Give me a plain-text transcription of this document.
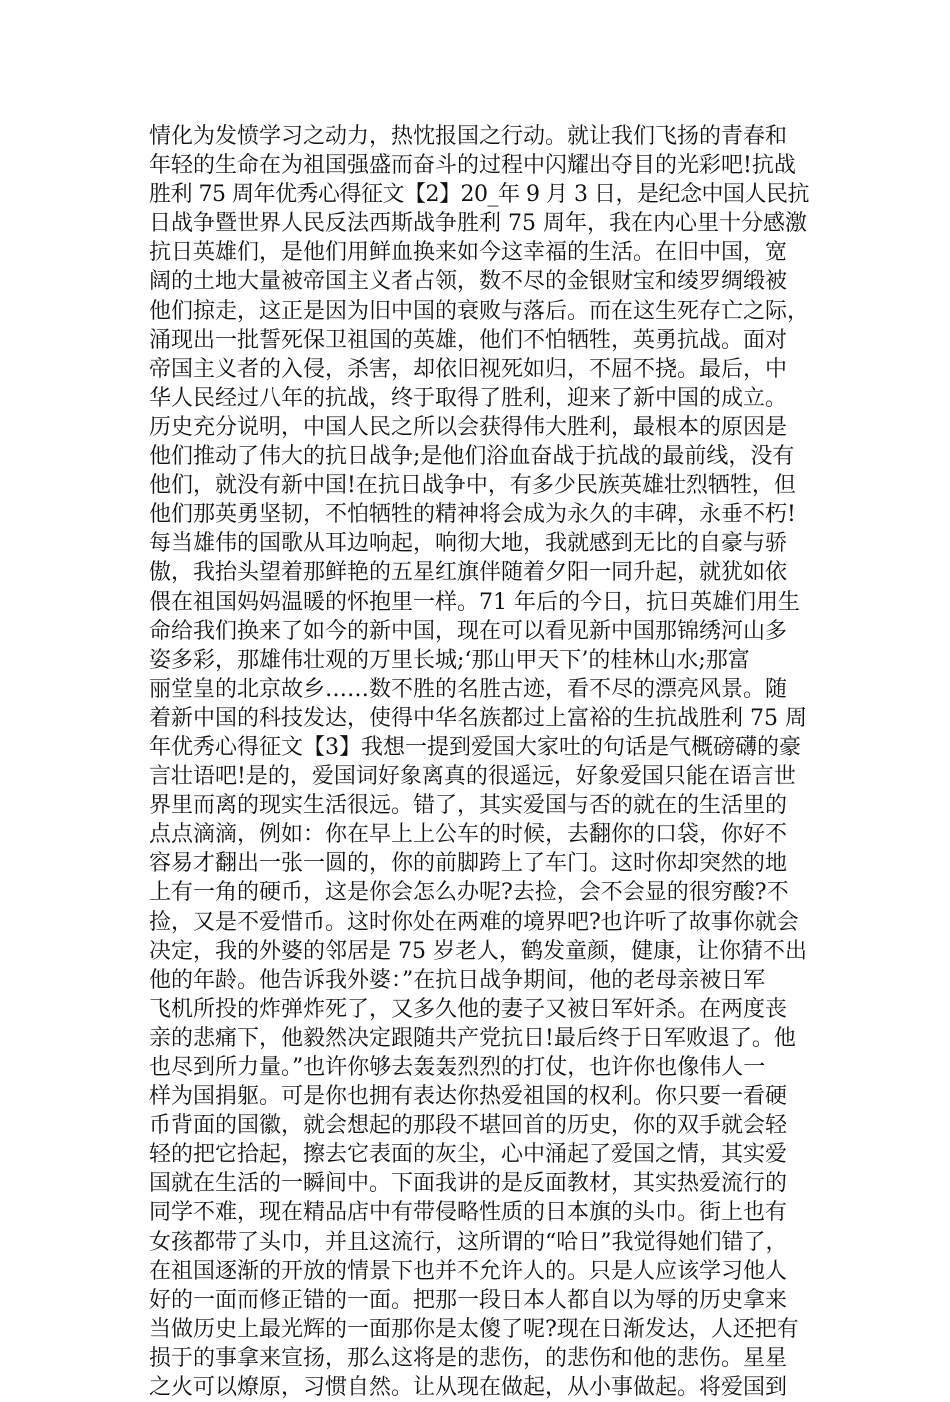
情化为发愤学习之动力，热忱报国之行动。就让我们飞扬的青春和
年轻的生命在为祖国强盛而奋斗的过程中闪耀出夺目的光彩吧!抗战
胜利 75 周年优秀心得征文【2】20_年 9 月 3 日，是纪念中国人民抗
日战争暨世界人民反法西斯战争胜利 75 周年，我在内心里十分感激
抗日英雄们，是他们用鲜血换来如今这幸福的生活。在旧中国，宽
阔的土地大量被帝国主义者占领，数不尽的金银财宝和绫罗绸缎被
他们掠走，这正是因为旧中国的衰败与落后。而在这生死存亡之际，
涌现出一批誓死保卫祖国的英雄，他们不怕牺牲，英勇抗战。面对
帝国主义者的入侵，杀害，却依旧视死如归，不屈不挠。最后，中
华人民经过八年的抗战，终于取得了胜利，迎来了新中国的成立。
历史充分说明，中国人民之所以会获得伟大胜利，最根本的原因是
他们推动了伟大的抗日战争;是他们浴血奋战于抗战的最前线，没有
他们，就没有新中国!在抗日战争中，有多少民族英雄壮烈牺牲，但
他们那英勇坚韧，不怕牺牲的精神将会成为永久的丰碑，永垂不朽!
每当雄伟的国歌从耳边响起，响彻大地，我就感到无比的自豪与骄
傲，我抬头望着那鲜艳的五星红旗伴随着夕阳一同升起，就犹如依
偎在祖国妈妈温暖的怀抱里一样。71 年后的今日，抗日英雄们用生
命给我们换来了如今的新中国，现在可以看见新中国那锦绣河山多
姿多彩，那雄伟壮观的万里长城;‘那山甲天下’的桂林山水;那富
丽堂皇的北京故乡……数不胜的名胜古迹，看不尽的漂亮风景。随
着新中国的科技发达，使得中华名族都过上富裕的生抗战胜利 75 周
年优秀心得征文【3】我想一提到爱国大家吐的句话是气概磅礴的豪
言壮语吧!是的，爱国词好象离真的很遥远，好象爱国只能在语言世
界里而离的现实生活很远。错了，其实爱国与否的就在的生活里的
点点滴滴，例如：你在早上上公车的时候，去翻你的口袋，你好不
容易才翻出一张一圆的，你的前脚跨上了车门。这时你却突然的地
上有一角的硬币，这是你会怎么办呢?去捡，会不会显的很穷酸?不
捡，又是不爱惜币。这时你处在两难的境界吧?也许听了故事你就会
决定，我的外婆的邻居是 75 岁老人，鹤发童颜，健康，让你猜不出
他的年龄。他告诉我外婆：”在抗日战争期间，他的老母亲被日军
飞机所投的炸弹炸死了，又多久他的妻子又被日军奸杀。在两度丧
亲的悲痛下，他毅然决定跟随共产党抗日!最后终于日军败退了。他
也尽到所力量。”也许你够去轰轰烈烈的打仗，也许你也像伟人一
样为国捐躯。可是你也拥有表达你热爱祖国的权利。你只要一看硬
币背面的国徽，就会想起的那段不堪回首的历史，你的双手就会轻
轻的把它拾起，擦去它表面的灰尘，心中涌起了爱国之情，其实爱
国就在生活的一瞬间中。下面我讲的是反面教材，其实热爱流行的
同学不难，现在精品店中有带侵略性质的日本旗的头巾。街上也有
女孩都带了头巾，并且这流行，这所谓的“哈日”我觉得她们错了，
在祖国逐渐的开放的情景下也并不允许人的。只是人应该学习他人
好的一面而修正错的一面。把那一段日本人都自以为辱的历史拿来
当做历史上最光辉的一面那你是太傻了呢?现在日渐发达，人还把有
损于的事拿来宣扬，那么这将是的悲伤，的悲伤和他的悲伤。星星
之火可以燎原，习惯自然。让从现在做起，从小事做起。将爱国到
